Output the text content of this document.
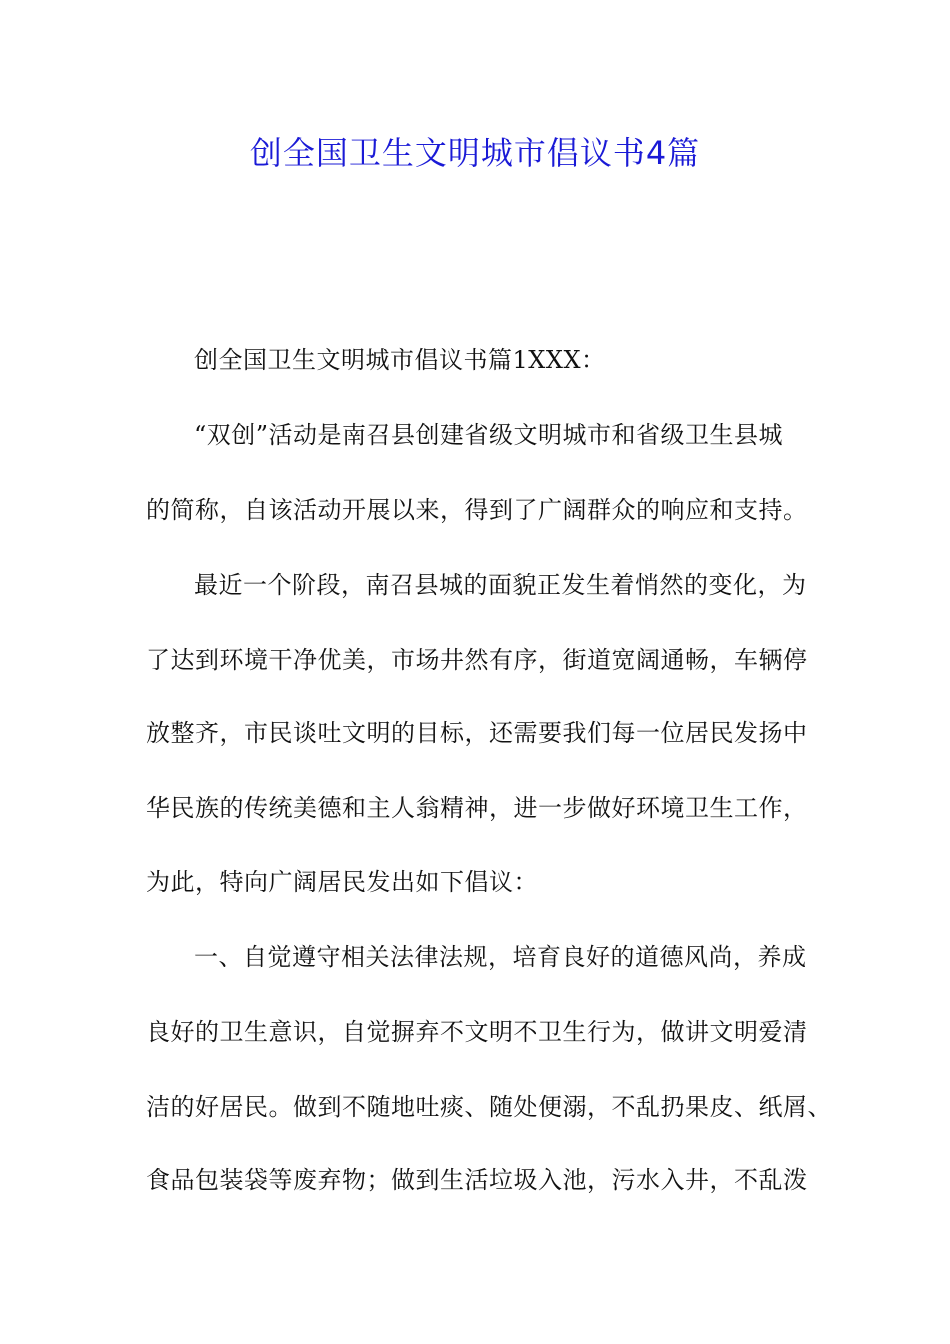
创全国卫生文明城市倡议书4篇
创全国卫生文明城市倡议书篇1XXX：
“双创”活动是南召县创建省级文明城市和省级卫生县城
的简称，自该活动开展以来，得到了广阔群众的响应和支持。
最近一个阶段，南召县城的面貌正发生着悄然的变化，为
了达到环境干净优美，市场井然有序，街道宽阔通畅，车辆停
放整齐，市民谈吐文明的目标，还需要我们每一位居民发扬中
华民族的传统美德和主人翁精神，进一步做好环境卫生工作，
为此，特向广阔居民发出如下倡议：
一、自觉遵守相关法律法规，培育良好的道德风尚，养成
良好的卫生意识，自觉摒弃不文明不卫生行为，做讲文明爱清
洁的好居民。做到不随地吐痰、随处便溺，不乱扔果皮、纸屑、
食品包装袋等废弃物；做到生活垃圾入池，污水入井，不乱泼
